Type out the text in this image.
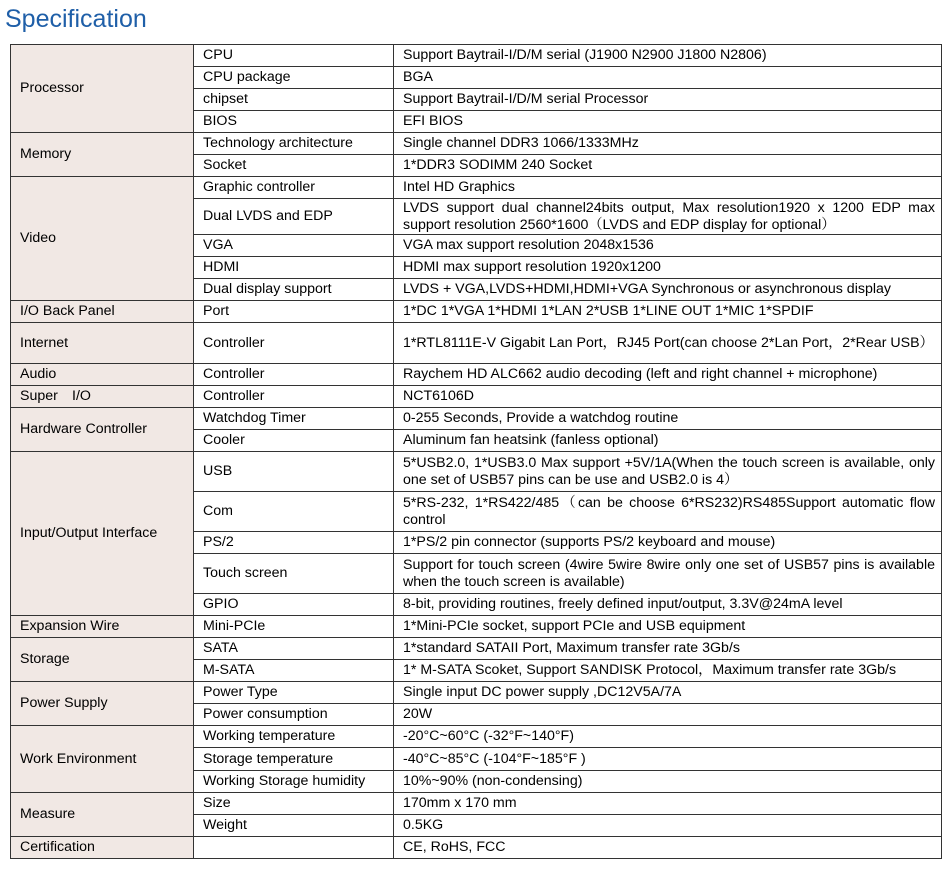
Specification
Processor	CPU	Support Baytrail-I/D/M serial (J1900 N2900 J1800 N2806)
	CPU package	BGA
	chipset	Support Baytrail-I/D/M serial Processor
	BIOS	EFI BIOS
Memory	Technology architecture	Single channel DDR3 1066/1333MHz
	Socket	1*DDR3 SODIMM 240 Socket
Video	Graphic controller	Intel HD Graphics
	Dual LVDS and EDP	LVDS support dual channel24bits output, Max resolution1920 x 1200 EDP max support resolution 2560*1600（LVDS and EDP display for optional）
	VGA	VGA max support resolution 2048x1536
	HDMI	HDMI max support resolution 1920x1200
	Dual display support	LVDS + VGA,LVDS+HDMI,HDMI+VGA Synchronous or asynchronous display
I/O Back Panel	Port	1*DC 1*VGA 1*HDMI 1*LAN 2*USB 1*LINE OUT 1*MIC 1*SPDIF
Internet	Controller	1*RTL8111E-V Gigabit Lan Port，RJ45 Port(can choose 2*Lan Port，2*Rear USB）
Audio	Controller	Raychem HD ALC662 audio decoding (left and right channel + microphone)
Super I/O	Controller	NCT6106D
Hardware Controller	Watchdog Timer	0-255 Seconds, Provide a watchdog routine
	Cooler	Aluminum fan heatsink (fanless optional)
Input/Output Interface	USB	5*USB2.0, 1*USB3.0 Max support +5V/1A(When the touch screen is available, only one set of USB57 pins can be use and USB2.0 is 4）
	Com	5*RS-232, 1*RS422/485（can be choose 6*RS232)RS485Support automatic flow control
	PS/2	1*PS/2 pin connector (supports PS/2 keyboard and mouse)
	Touch screen	Support for touch screen (4wire 5wire 8wire only one set of USB57 pins is available when the touch screen is available)
	GPIO	8-bit, providing routines, freely defined input/output, 3.3V@24mA level
Expansion Wire	Mini-PCIe	1*Mini-PCIe socket, support PCIe and USB equipment
Storage	SATA	1*standard SATAII Port, Maximum transfer rate 3Gb/s
	M-SATA	1* M-SATA Scoket, Support SANDISK Protocol，Maximum transfer rate 3Gb/s
Power Supply	Power Type	Single input DC power supply ,DC12V5A/7A
	Power consumption	20W
Work Environment	Working temperature	-20°C~60°C (-32°F~140°F)
	Storage temperature	-40°C~85°C (-104°F~185°F )
	Working Storage humidity	10%~90% (non-condensing)
Measure	Size	170mm x 170 mm
	Weight	0.5KG
Certification		CE, RoHS, FCC
